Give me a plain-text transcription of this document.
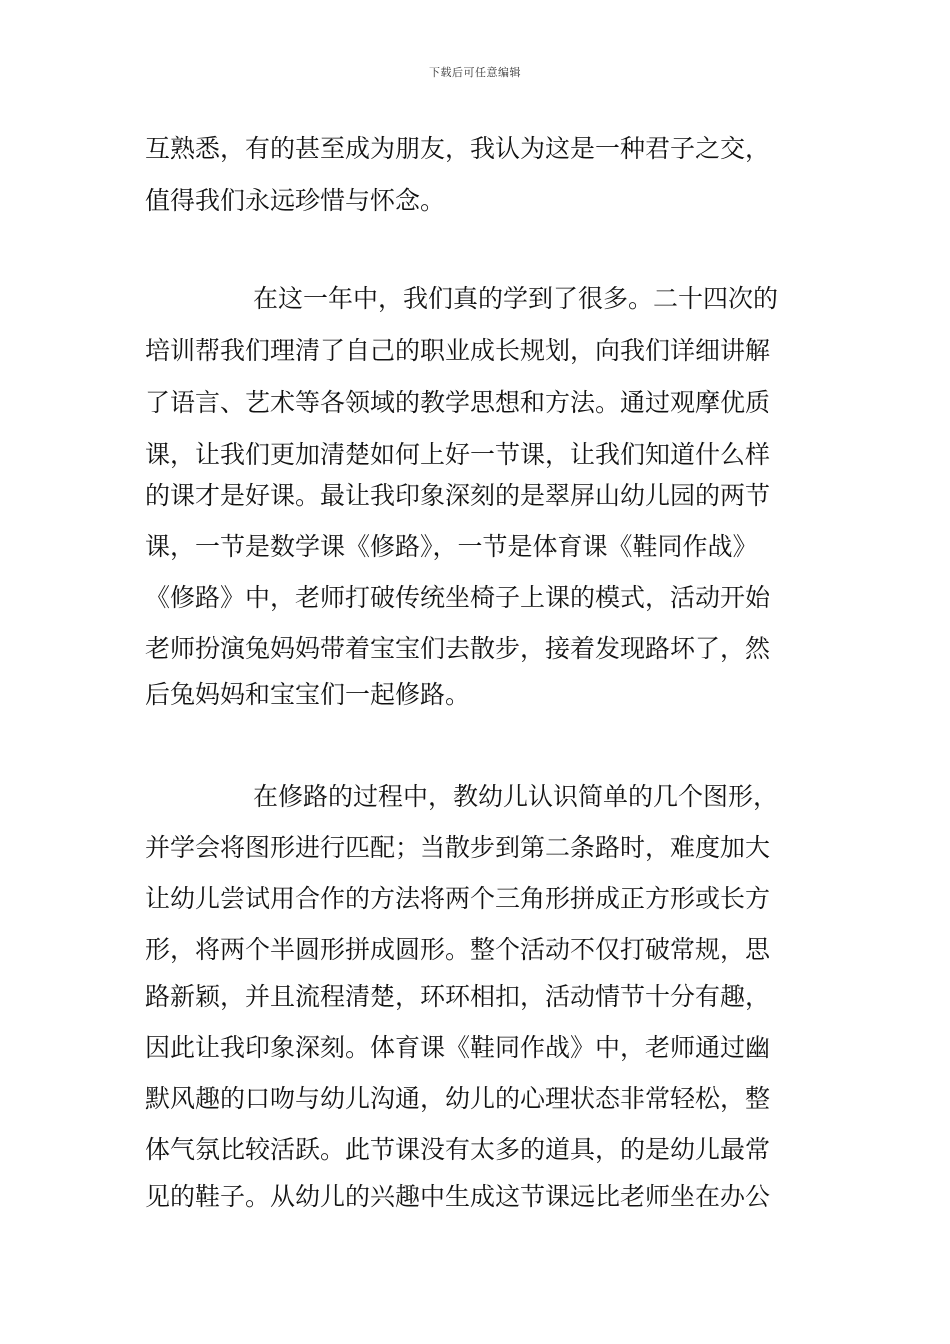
下载后可任意编辑
互熟悉，有的甚至成为朋友，我认为这是一种君子之交，
值得我们永远珍惜与怀念。
在这一年中，我们真的学到了很多。二十四次的
培训帮我们理清了自己的职业成长规划，向我们详细讲解
了语言、艺术等各领域的教学思想和方法。通过观摩优质
课，让我们更加清楚如何上好一节课，让我们知道什么样
的课才是好课。最让我印象深刻的是翠屏山幼儿园的两节
课，一节是数学课《修路》，一节是体育课《鞋同作战》
《修路》中，老师打破传统坐椅子上课的模式，活动开始
老师扮演兔妈妈带着宝宝们去散步，接着发现路坏了，然
后兔妈妈和宝宝们一起修路。
在修路的过程中，教幼儿认识简单的几个图形，
并学会将图形进行匹配；当散步到第二条路时，难度加大
让幼儿尝试用合作的方法将两个三角形拼成正方形或长方
形，将两个半圆形拼成圆形。整个活动不仅打破常规，思
路新颖，并且流程清楚，环环相扣，活动情节十分有趣，
因此让我印象深刻。体育课《鞋同作战》中，老师通过幽
默风趣的口吻与幼儿沟通，幼儿的心理状态非常轻松，整
体气氛比较活跃。此节课没有太多的道具，的是幼儿最常
见的鞋子。从幼儿的兴趣中生成这节课远比老师坐在办公
